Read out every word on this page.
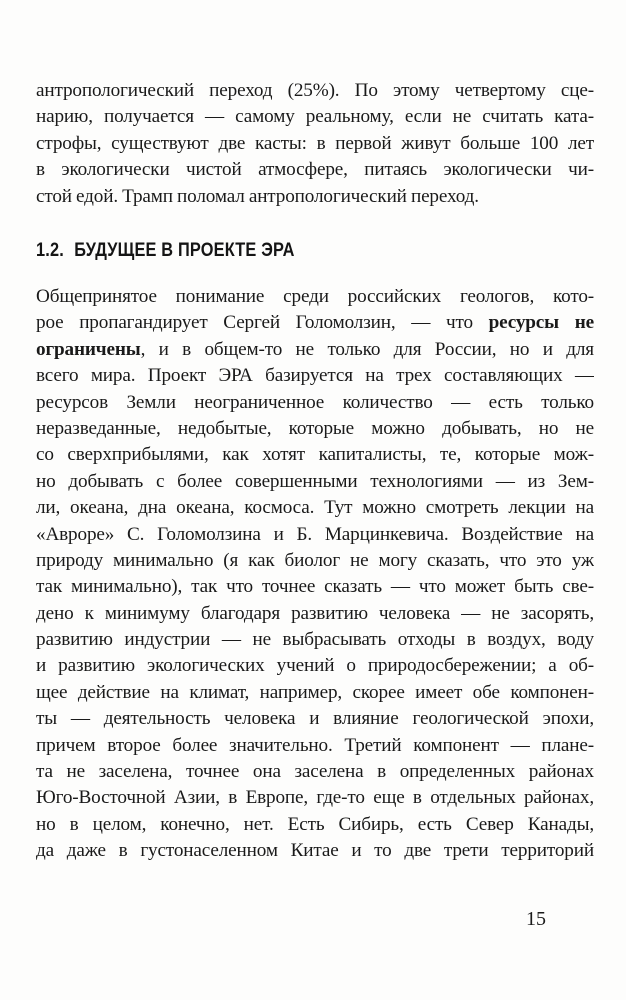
антропологический переход (25%). По этому четвертому сце-
нарию, получается — самому реальному, если не считать ката-
строфы, существуют две касты: в первой живут больше 100 лет
в экологически чистой атмосфере, питаясь экологически чи-
стой едой. Трамп поломал антропологический переход.
1.2. БУДУЩЕЕ В ПРОЕКТЕ ЭРА
Общепринятое понимание среди российских геологов, кото-
рое пропагандирует Сергей Голомолзин, — что ресурсы не
ограничены, и в общем-то не только для России, но и для
всего мира. Проект ЭРА базируется на трех составляющих —
ресурсов Земли неограниченное количество — есть только
неразведанные, недобытые, которые можно добывать, но не
со сверхприбылями, как хотят капиталисты, те, которые мож-
но добывать с более совершенными технологиями — из Зем-
ли, океана, дна океана, космоса. Тут можно смотреть лекции на
«Авроре» С. Голомолзина и Б. Марцинкевича. Воздействие на
природу минимально (я как биолог не могу сказать, что это уж
так минимально), так что точнее сказать — что может быть све-
дено к минимуму благодаря развитию человека — не засорять,
развитию индустрии — не выбрасывать отходы в воздух, воду
и развитию экологических учений о природосбережении; а об-
щее действие на климат, например, скорее имеет обе компонен-
ты — деятельность человека и влияние геологической эпохи,
причем второе более значительно. Третий компонент — плане-
та не заселена, точнее она заселена в определенных районах
Юго-Восточной Азии, в Европе, где-то еще в отдельных районах,
но в целом, конечно, нет. Есть Сибирь, есть Север Канады,
да даже в густонаселенном Китае и то две трети территорий
15
